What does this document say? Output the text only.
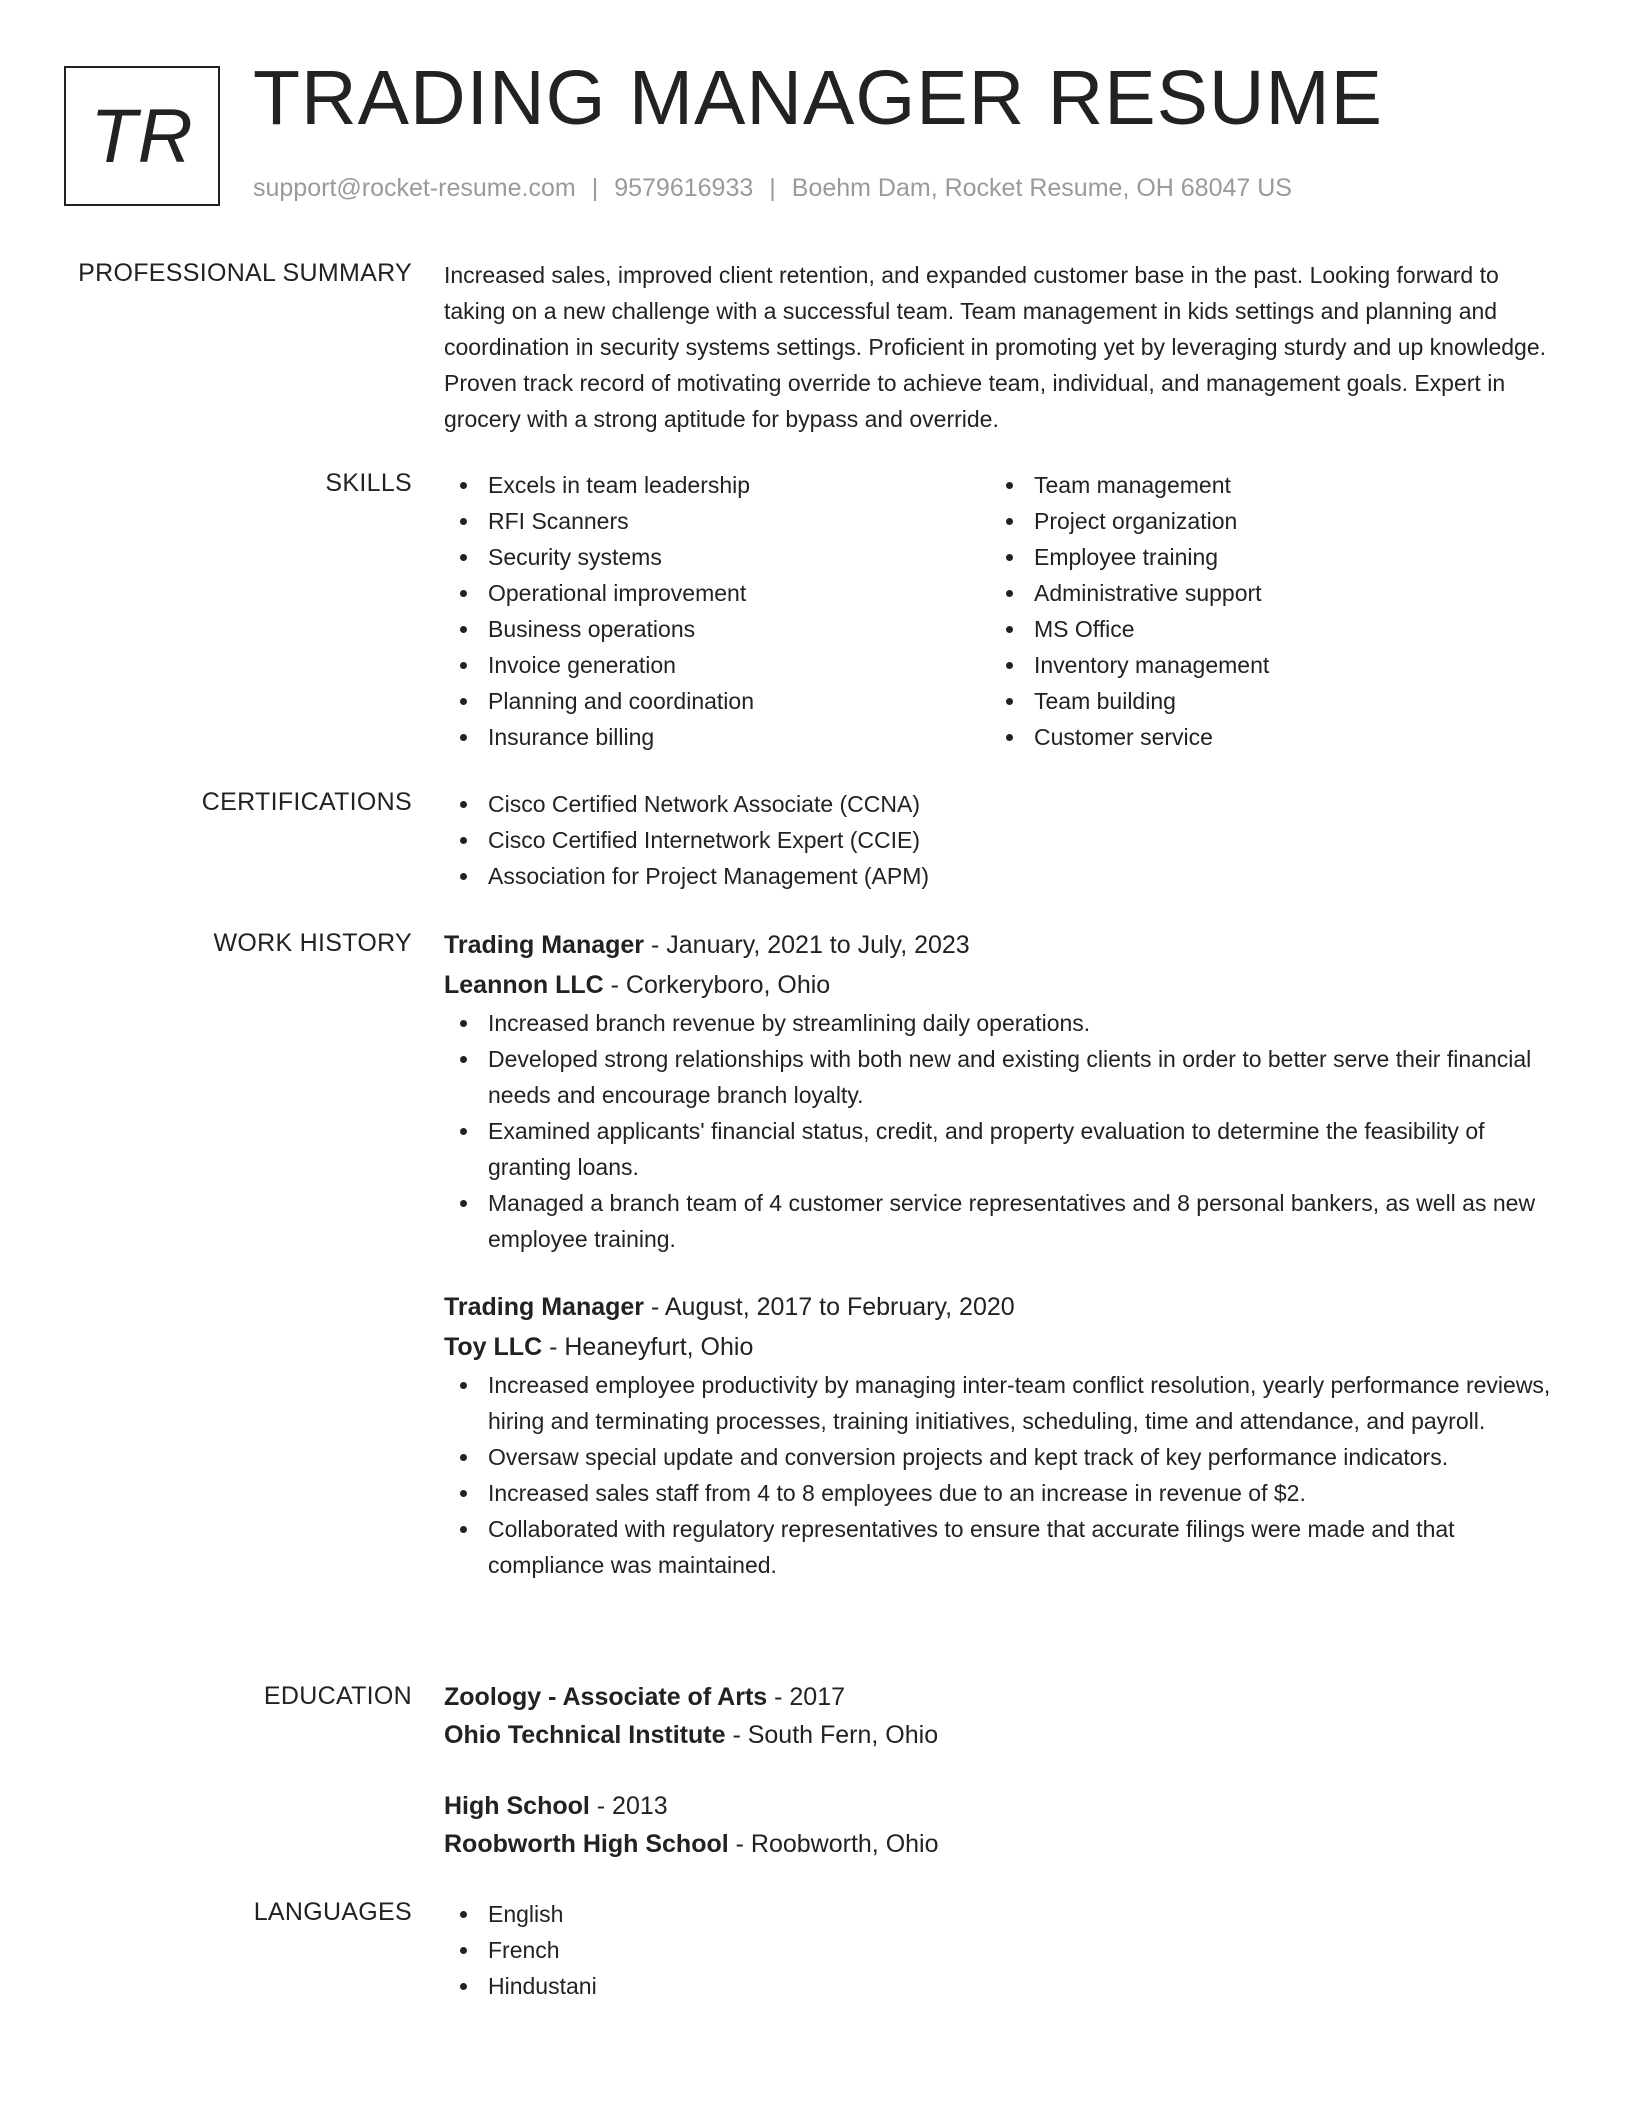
TR TRADING MANAGER RESUME
support@rocket-resume.com | 9579616933 | Boehm Dam, Rocket Resume, OH 68047 US
PROFESSIONAL SUMMARY Increased sales, improved client retention, and expanded customer base in the past. Looking forward to taking on a new challenge with a successful team. Team management in kids settings and planning and coordination in security systems settings. Proficient in promoting yet by leveraging sturdy and up knowledge. Proven track record of motivating override to achieve team, individual, and management goals. Expert in grocery with a strong aptitude for bypass and override.

SKILLS	Excels in team leadership
RFI Scanners
Security systems
Operational improvement
Business operations
Invoice generation
Planning and coordination
Insurance billing
Team management
Project organization
Employee training
Administrative support
MS Office
Inventory management
Team building
Customer service
CERTIFICATIONS	Cisco Certified Network Associate (CCNA)
Cisco Certified Internetwork Expert (CCIE)
Association for Project Management (APM)
WORK HISTORY Trading Manager - January, 2021 to July, 2023
Leannon LLC - Corkeryboro, Ohio
Increased branch revenue by streamlining daily operations.
Developed strong relationships with both new and existing clients in order to better serve their financial needs and encourage branch loyalty.
Examined applicants' financial status, credit, and property evaluation to determine the feasibility of granting loans.
Managed a branch team of 4 customer service representatives and 8 personal bankers, as well as new employee training.
Trading Manager - August, 2017 to February, 2020
Toy LLC - Heaneyfurt, Ohio
Increased employee productivity by managing inter-team conflict resolution, yearly performance reviews, hiring and terminating processes, training initiatives, scheduling, time and attendance, and payroll.
Oversaw special update and conversion projects and kept track of key performance indicators.
Increased sales staff from 4 to 8 employees due to an increase in revenue of $2.
Collaborated with regulatory representatives to ensure that accurate filings were made and that compliance was maintained.
EDUCATION Zoology - Associate of Arts - 2017
Ohio Technical Institute - South Fern, Ohio
High School - 2013
Roobworth High School - Roobworth, Ohio
LANGUAGES	English
French
Hindustani
